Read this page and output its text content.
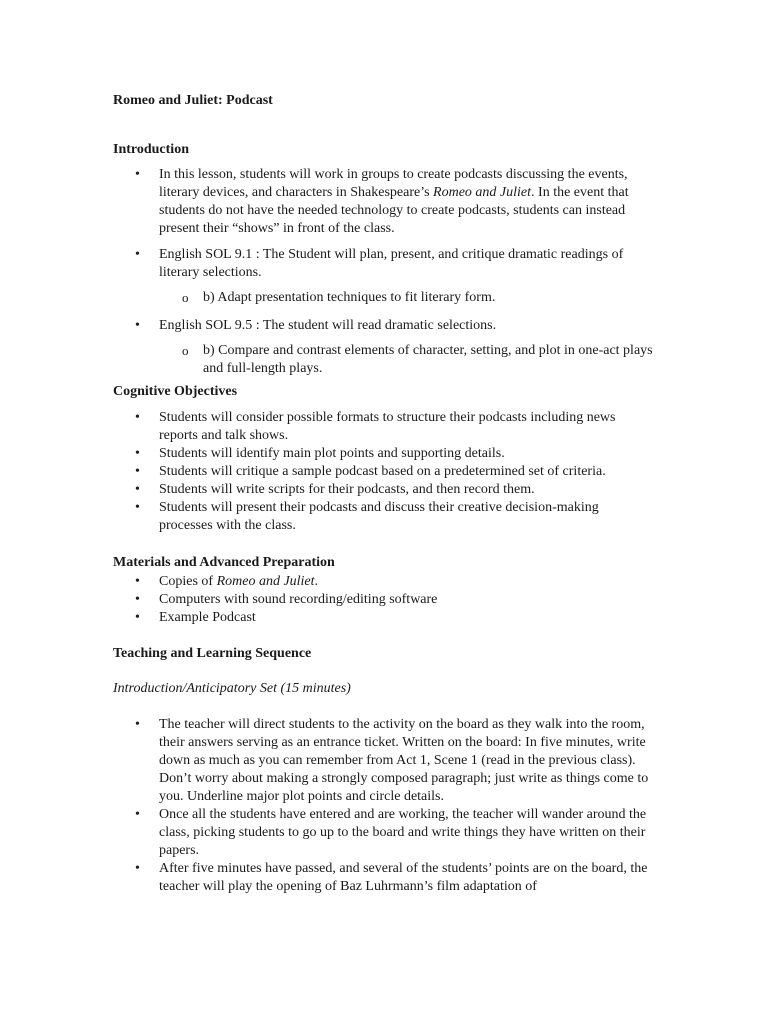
Romeo and Juliet: Podcast
Introduction
• In this lesson, students will work in groups to create podcasts discussing the events, literary devices, and characters in Shakespeare’s Romeo and Juliet. In the event that students do not have the needed technology to create podcasts, students can instead present their “shows” in front of the class.
• English SOL 9.1 : The Student will plan, present, and critique dramatic readings of literary selections.
o b) Adapt presentation techniques to fit literary form.
• English SOL 9.5 : The student will read dramatic selections.
o b) Compare and contrast elements of character, setting, and plot in one-act plays and full-length plays.
Cognitive Objectives
• Students will consider possible formats to structure their podcasts including news reports and talk shows.
• Students will identify main plot points and supporting details.
• Students will critique a sample podcast based on a predetermined set of criteria.
• Students will write scripts for their podcasts, and then record them.
• Students will present their podcasts and discuss their creative decision-making processes with the class.
Materials and Advanced Preparation
• Copies of Romeo and Juliet.
• Computers with sound recording/editing software
• Example Podcast
Teaching and Learning Sequence
Introduction/Anticipatory Set (15 minutes)
• The teacher will direct students to the activity on the board as they walk into the room, their answers serving as an entrance ticket. Written on the board: In five minutes, write down as much as you can remember from Act 1, Scene 1 (read in the previous class). Don’t worry about making a strongly composed paragraph; just write as things come to you. Underline major plot points and circle details.
• Once all the students have entered and are working, the teacher will wander around the class, picking students to go up to the board and write things they have written on their papers.
• After five minutes have passed, and several of the students’ points are on the board, the teacher will play the opening of Baz Luhrmann’s film adaptation of
